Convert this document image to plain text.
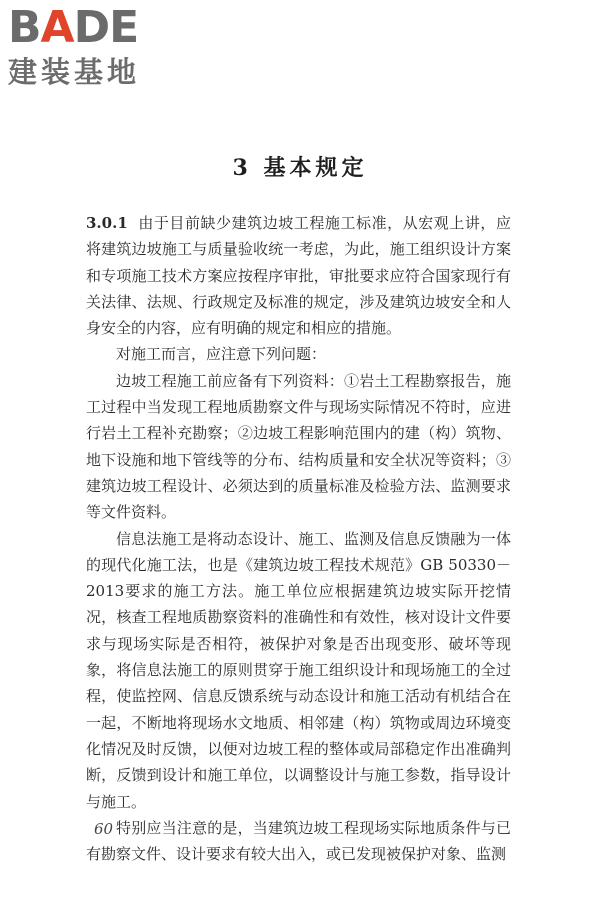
BADE
建装基地
3 基本规定

3.0.1 由于目前缺少建筑边坡工程施工标准，从宏观上讲，应将建筑边坡施工与质量验收统一考虑，为此，施工组织设计方案和专项施工技术方案应按程序审批，审批要求应符合国家现行有关法律、法规、行政规定及标准的规定，涉及建筑边坡安全和人身安全的内容，应有明确的规定和相应的措施。

对施工而言，应注意下列问题：

边坡工程施工前应备有下列资料：①岩土工程勘察报告，施工过程中当发现工程地质勘察文件与现场实际情况不符时，应进行岩土工程补充勘察；②边坡工程影响范围内的建（构）筑物、地下设施和地下管线等的分布、结构质量和安全状况等资料；③建筑边坡工程设计、必须达到的质量标准及检验方法、监测要求等文件资料。

信息法施工是将动态设计、施工、监测及信息反馈融为一体的现代化施工法，也是《建筑边坡工程技术规范》GB 50330－2013要求的施工方法。施工单位应根据建筑边坡实际开挖情况，核查工程地质勘察资料的准确性和有效性，核对设计文件要求与现场实际是否相符，被保护对象是否出现变形、破坏等现象，将信息法施工的原则贯穿于施工组织设计和现场施工的全过程，使监控网、信息反馈系统与动态设计和施工活动有机结合在一起，不断地将现场水文地质、相邻建（构）筑物或周边环境变化情况及时反馈，以便对边坡工程的整体或局部稳定作出准确判断，反馈到设计和施工单位，以调整设计与施工参数，指导设计与施工。

特别应当注意的是，当建筑边坡工程现场实际地质条件与已有勘察文件、设计要求有较大出入，或已发现被保护对象、监测

60
